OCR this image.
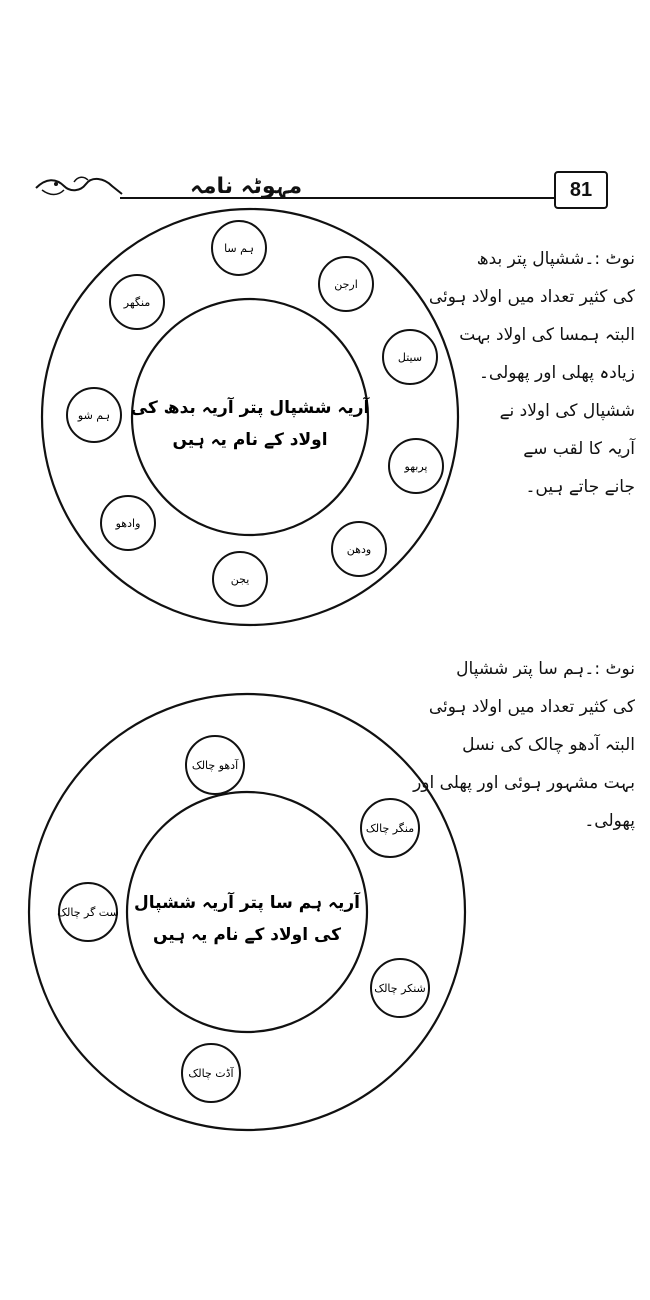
مہوٹہ نامہ	81
نوٹ :۔ششپال پتر بدھ
کی کثیر تعداد میں اولاد ہوئی
البتہ ہمسا کی اولاد بہت
زیادہ پھلی اور پھولی۔
ششپال کی اولاد نے
آریہ کا لقب سے
جانے جاتے ہیں۔
آریہ ششپال پتر آریہ بدھ کی
اولاد کے نام یہ ہیں
ہم سا
ارجن
سیتل
پربھو
ودھن
یجن
وادھو
ہم شو
منگھر
نوٹ :۔ہم سا پتر ششپال
کی کثیر تعداد میں اولاد ہوئی
البتہ آدھو چالک کی نسل
بہت مشہور ہوئی اور پھلی اور
پھولی۔
آریہ ہم سا پتر آریہ ششپال
کی اولاد کے نام یہ ہیں
آدھو چالک
منگر چالک
شنکر چالک
آڈت چالک
ست گر چالک
